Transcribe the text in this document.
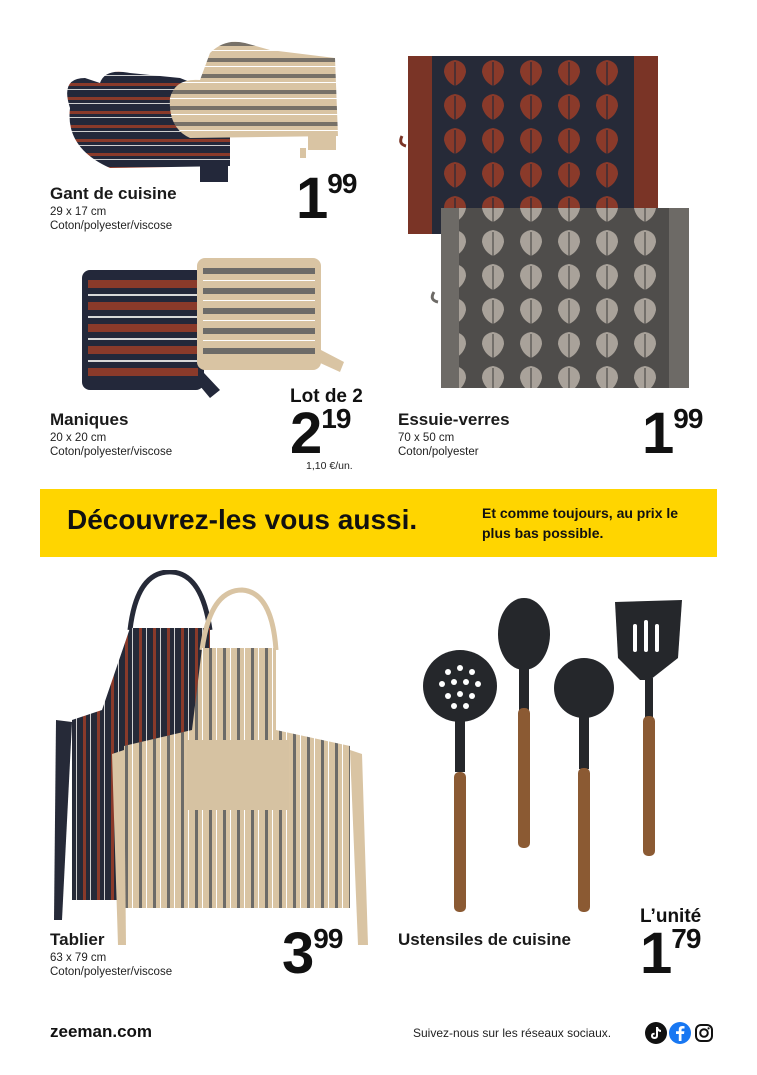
Gant de cuisine
29 x 17 cm
Coton/polyester/viscose 199
Maniques
20 x 20 cm
Coton/polyester/viscose
Lot de 2
219
1,10 €/un.
Essuie-verres
70 x 50 cm
Coton/polyester	199
Découvrez-les vous aussi.	Et comme toujours, au prix le plus bas possible.
Tablier
63 x 79 cm
Coton/polyester/viscose 399	Ustensiles de cuisine
L’unité
179
zeeman.com	Suivez-nous sur les réseaux sociaux.
